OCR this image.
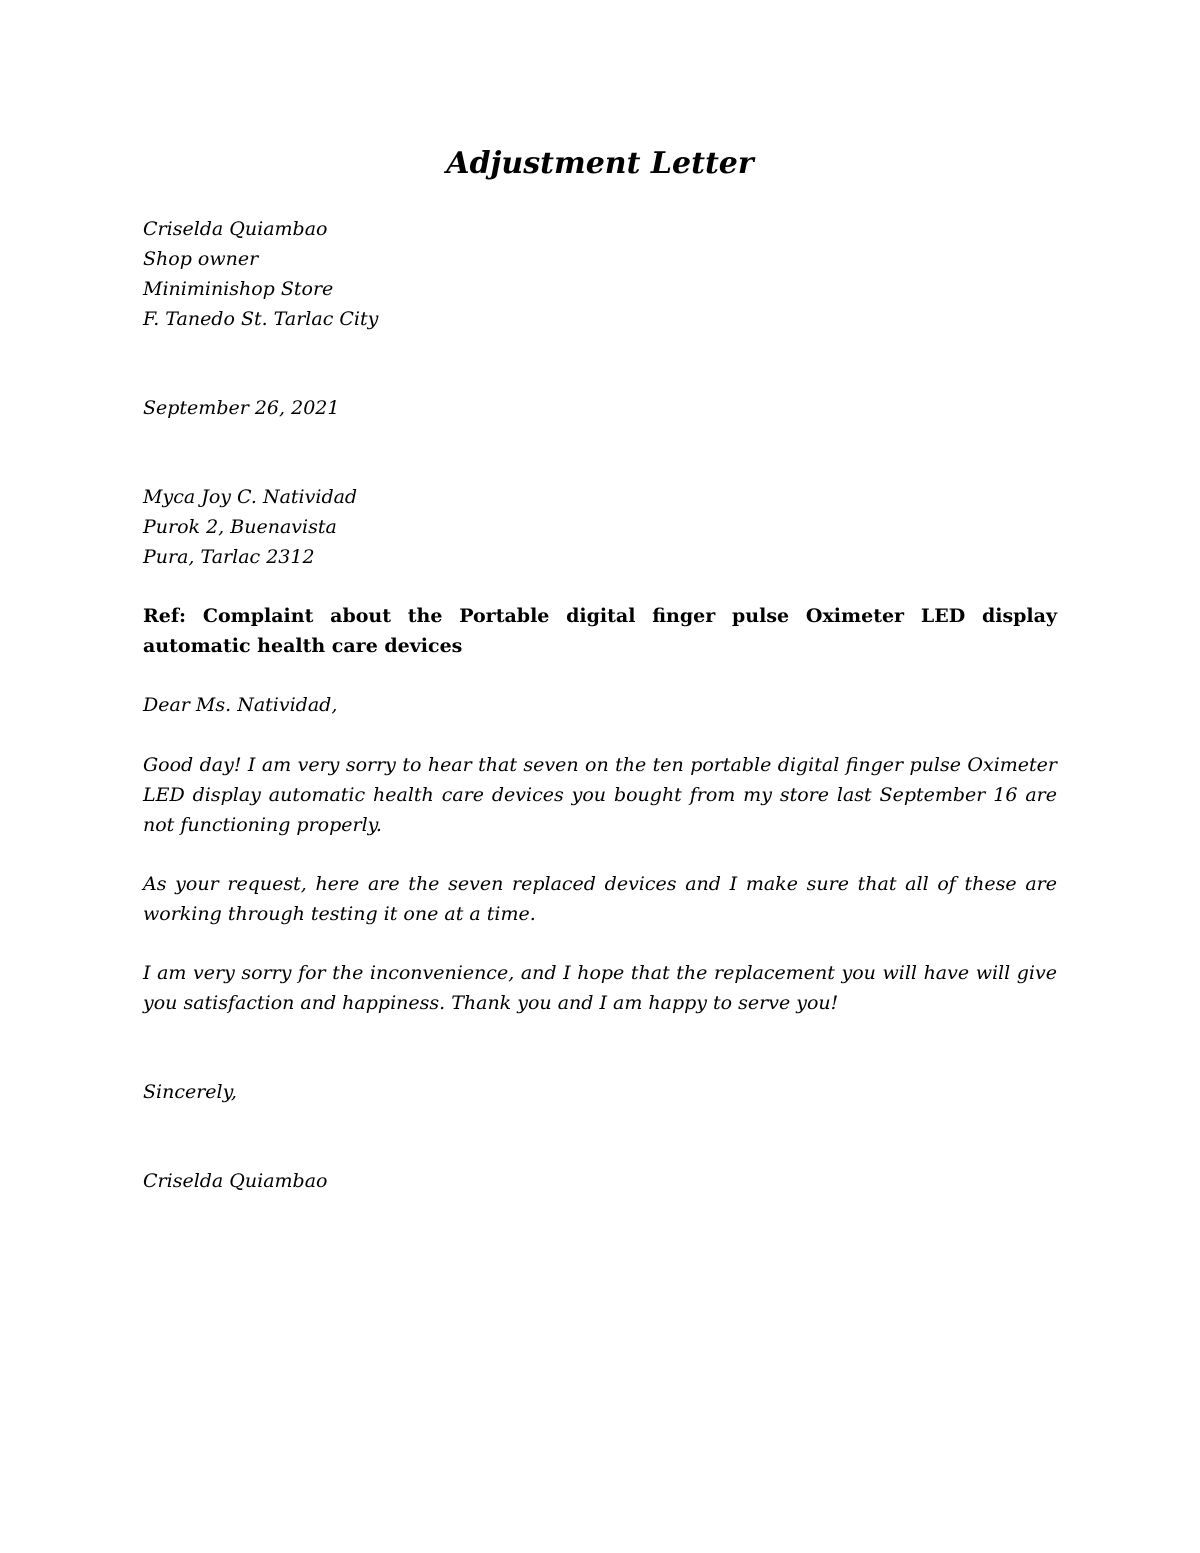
Adjustment Letter
Criselda Quiambao
Shop owner
Miniminishop Store
F. Tanedo St. Tarlac City
September 26, 2021
Myca Joy C. Natividad
Purok 2, Buenavista
Pura, Tarlac 2312
Ref: Complaint about the Portable digital finger pulse Oximeter LED display automatic health care devices
Dear Ms. Natividad,

Good day! I am very sorry to hear that seven on the ten portable digital finger pulse Oximeter LED display automatic health care devices you bought from my store last September 16 are not functioning properly.

As your request, here are the seven replaced devices and I make sure that all of these are working through testing it one at a time.

I am very sorry for the inconvenience, and I hope that the replacement you will have will give you satisfaction and happiness. Thank you and I am happy to serve you!

Sincerely,
Criselda Quiambao
